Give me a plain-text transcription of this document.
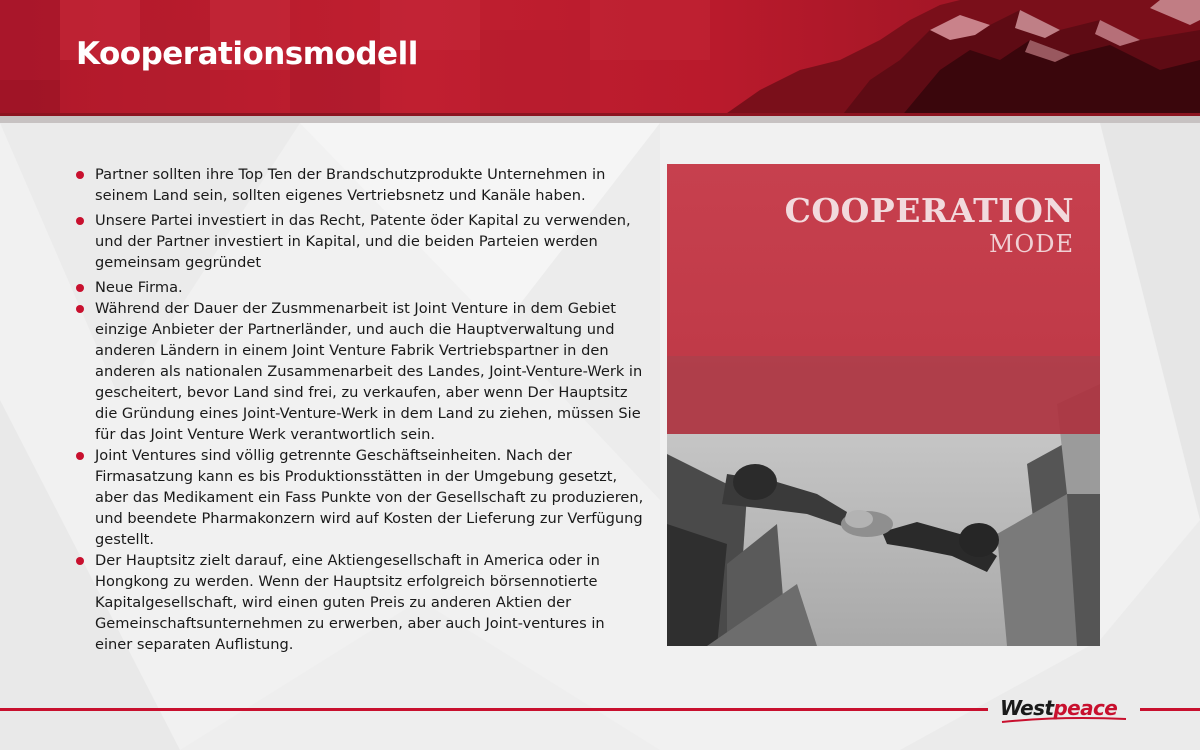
Kooperationsmodell
Partner sollten ihre Top Ten der Brandschutzprodukte Unternehmen in seinem Land sein, sollten eigenes Vertriebsnetz und Kanäle haben.
Unsere Partei investiert in das Recht, Patente öder Kapital zu verwenden, und der Partner investiert in Kapital, und die beiden Parteien werden gemeinsam gegründet
Neue Firma.
Während der Dauer der Zusmmenarbeit ist Joint Venture in dem Gebiet einzige Anbieter der Partnerländer, und auch die Hauptverwaltung und anderen Ländern in einem Joint Venture Fabrik Vertriebspartner in den anderen als nationalen Zusammenarbeit des Landes, Joint-Venture-Werk in gescheitert, bevor Land sind frei, zu verkaufen, aber wenn Der Hauptsitz die Gründung eines Joint-Venture-Werk in dem Land zu ziehen, müssen Sie für das Joint Venture Werk verantwortlich sein.
Joint Ventures sind völlig getrennte Geschäftseinheiten. Nach der Firmasatzung kann es bis Produktionsstätten in der Umgebung gesetzt, aber das Medikament ein Fass Punkte von der Gesellschaft zu produzieren, und beendete Pharmakonzern wird auf Kosten der Lieferung zur Verfügung gestellt.
Der Hauptsitz zielt darauf, eine Aktiengesellschaft in America oder in Hongkong zu werden. Wenn der Hauptsitz erfolgreich börsennotierte Kapitalgesellschaft, wird einen guten Preis zu anderen Aktien der Gemeinschaftsunternehmen zu erwerben, aber auch Joint-ventures in einer separaten Auflistung.
COOPERATION
MODE
Westpeace
